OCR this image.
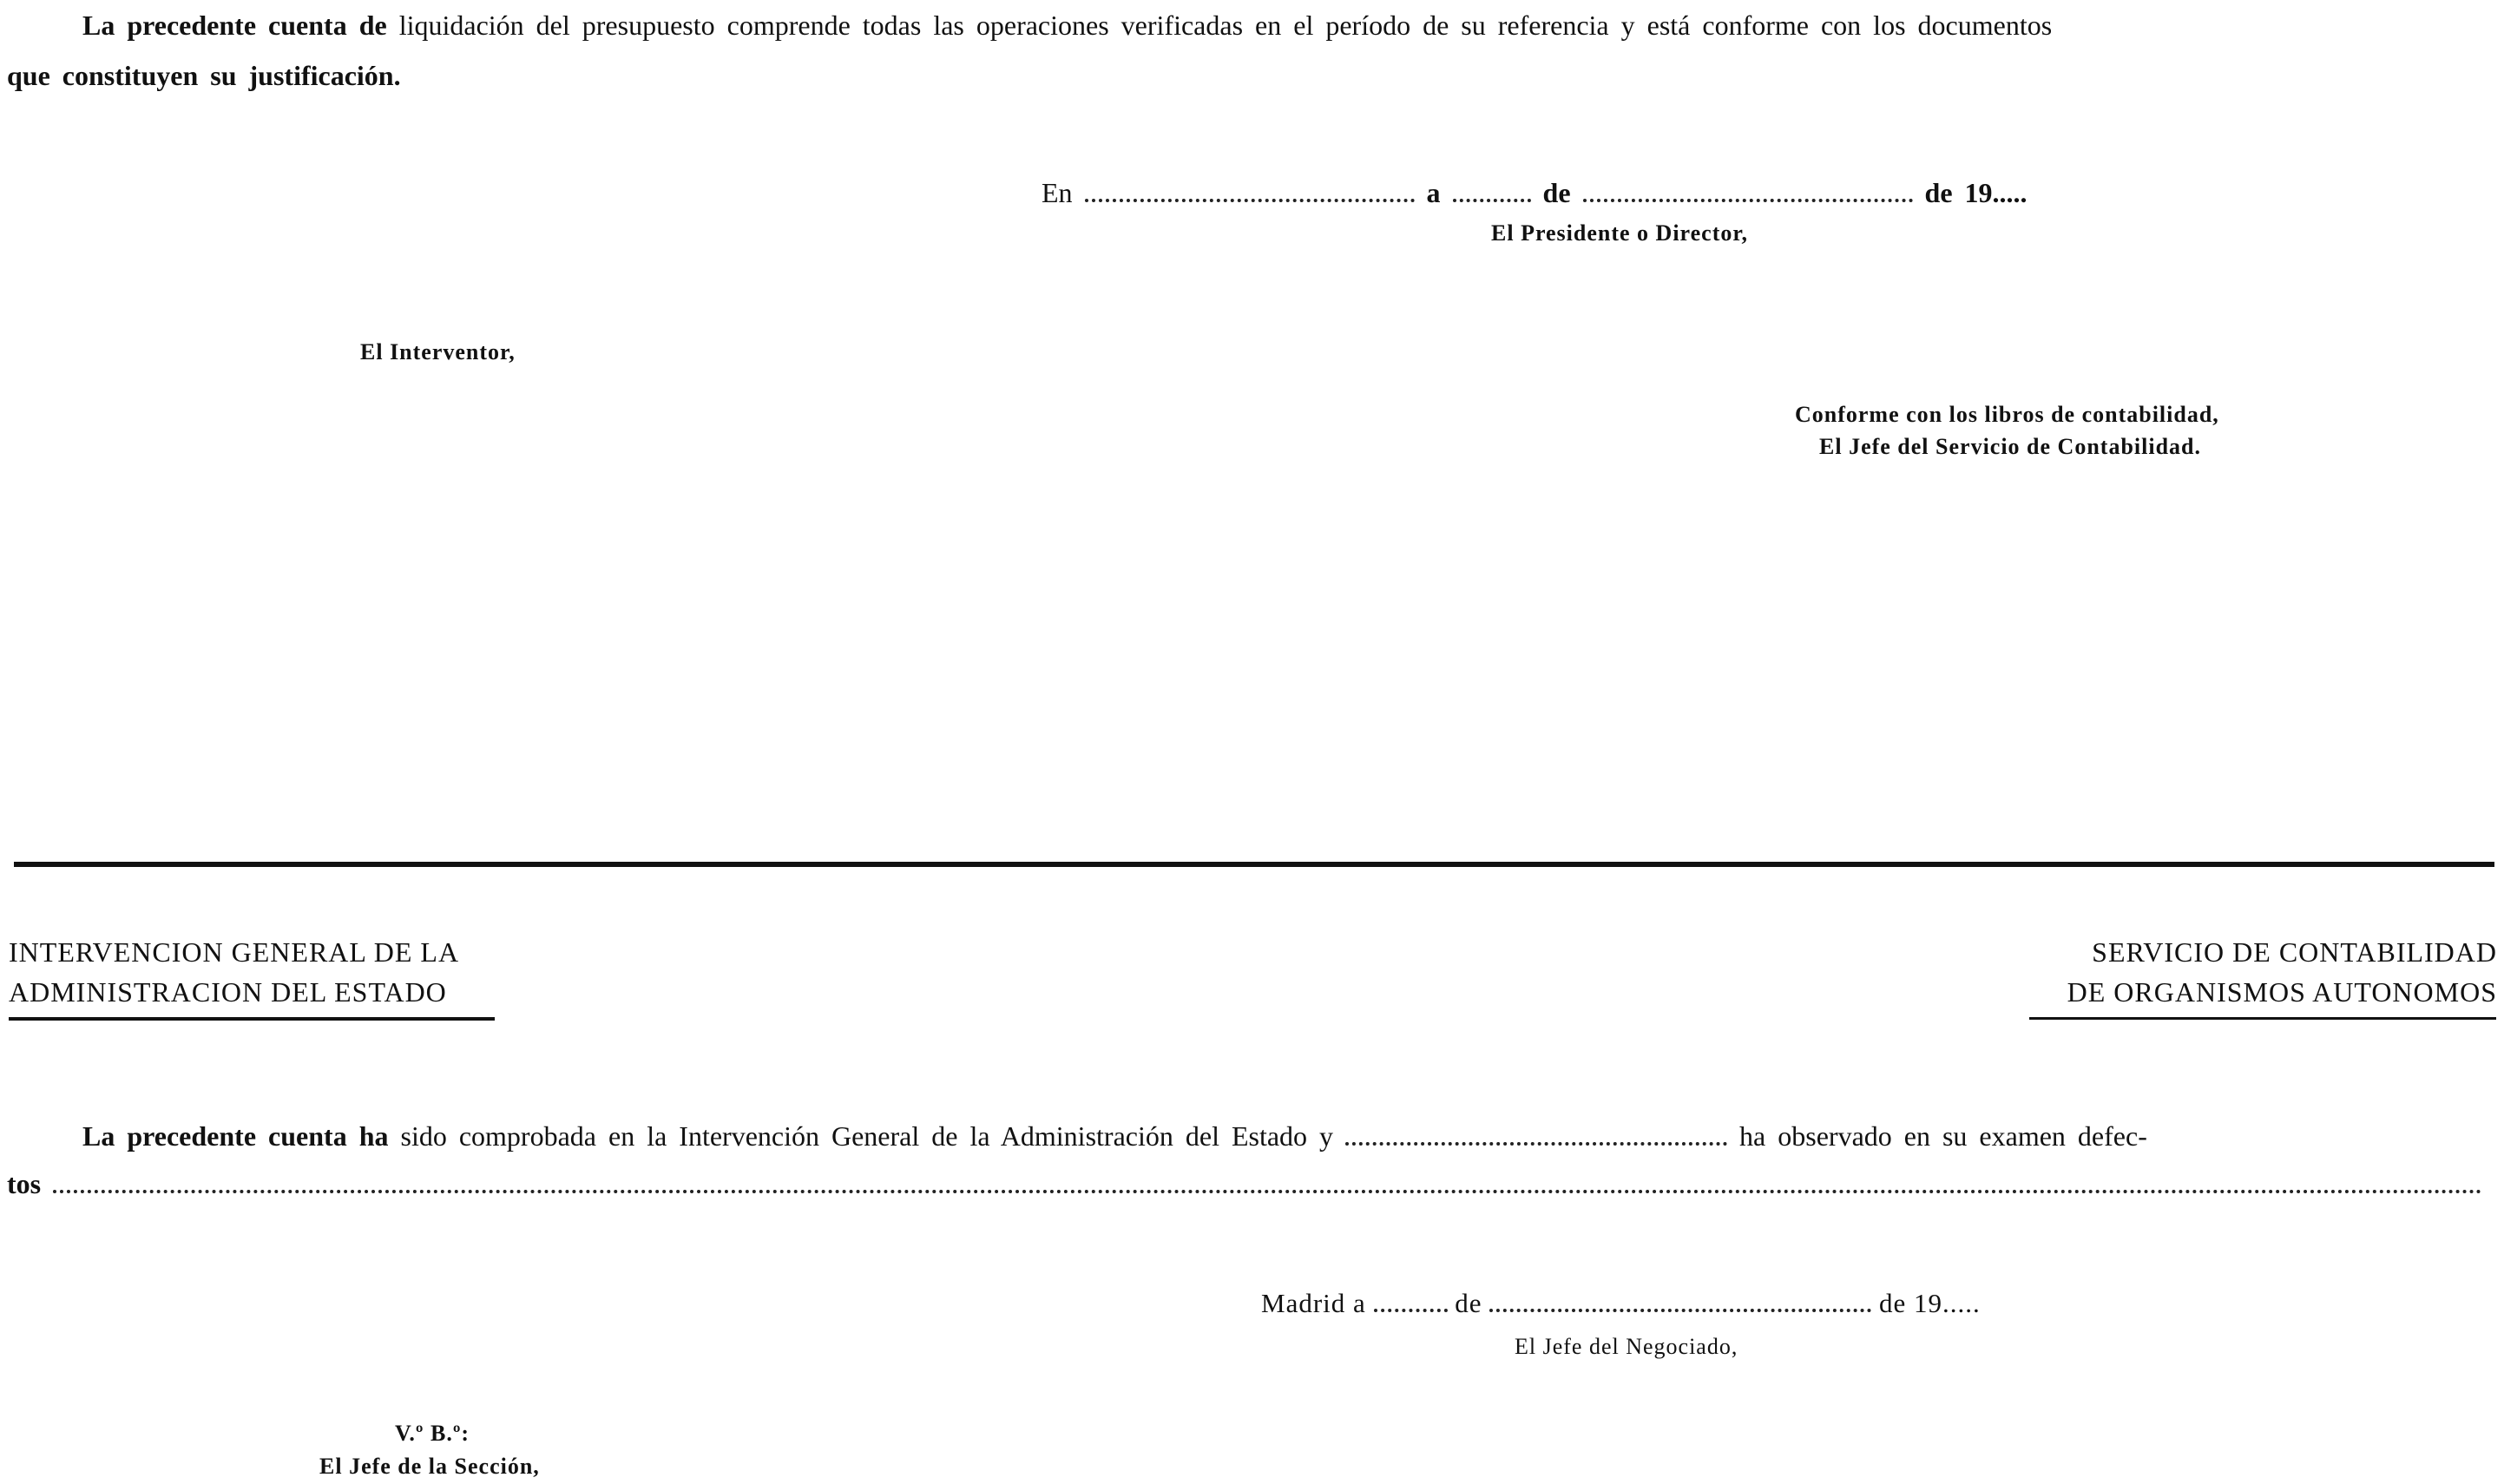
La precedente cuenta de liquidación del presupuesto comprende todas las operaciones verificadas en el período de su referencia y está conforme con los documentos
que constituyen su justificación.
En	a	de	de 19.....
El Presidente o Director,
El Interventor,
Conforme con los libros de contabilidad,
El Jefe del Servicio de Contabilidad.
INTERVENCION GENERAL DE LA
ADMINISTRACION DEL ESTADO
SERVICIO DE CONTABILIDAD
DE ORGANISMOS AUTONOMOS
La precedente cuenta ha sido comprobada en la Intervención General de la Administración del Estado y	ha observado en su examen defec-
tos
Madrid a	de	de 19.....
El Jefe del Negociado,
V.º B.º:
El Jefe de la Sección,
